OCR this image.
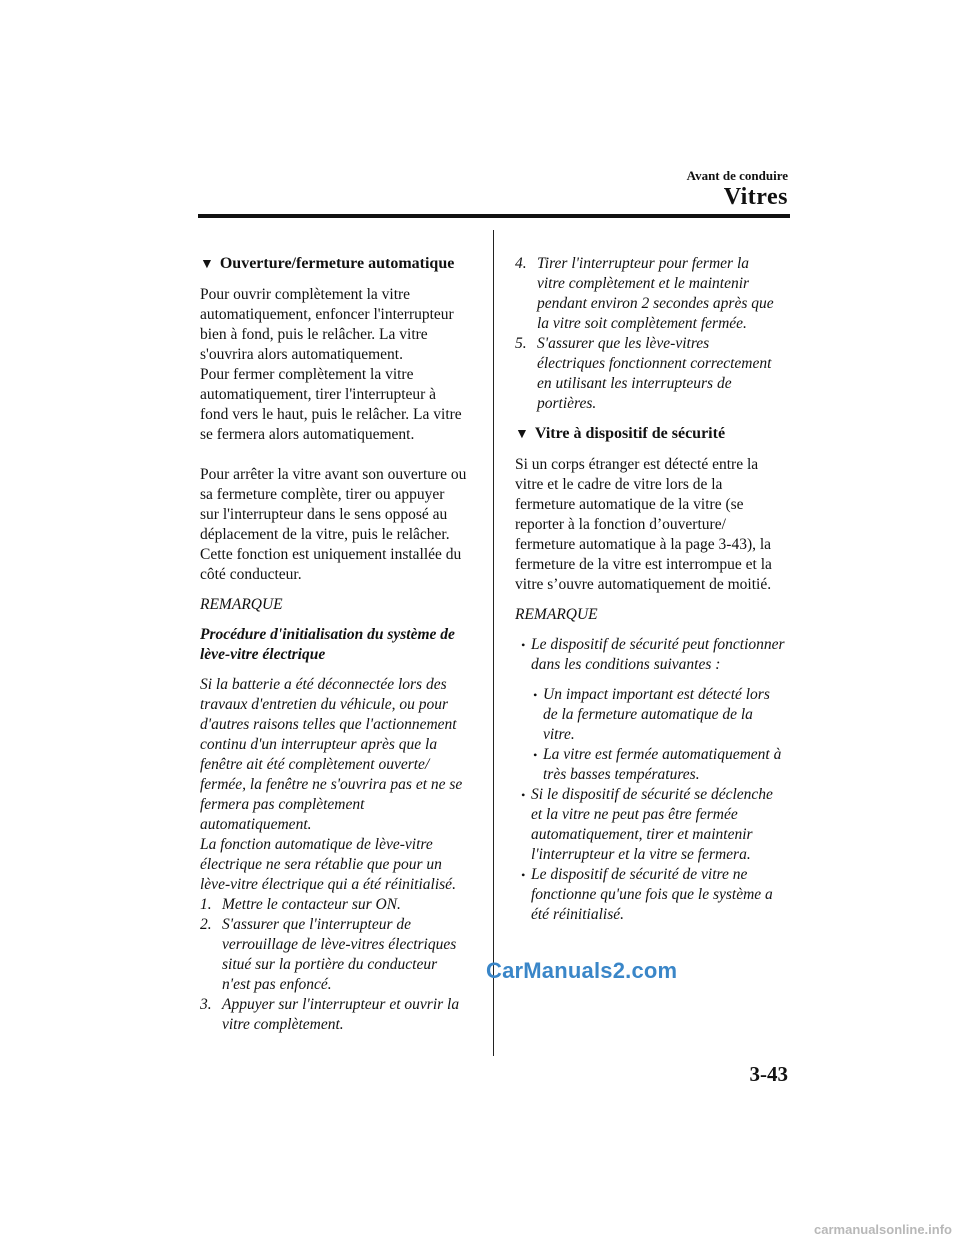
Avant de conduire
Vitres
▼ Ouverture/fermeture automatique

Pour ouvrir complètement la vitre
automatiquement, enfoncer l'interrupteur
bien à fond, puis le relâcher. La vitre
s'ouvrira alors automatiquement.
Pour fermer complètement la vitre
automatiquement, tirer l'interrupteur à
fond vers le haut, puis le relâcher. La vitre
se fermera alors automatiquement.

Pour arrêter la vitre avant son ouverture ou
sa fermeture complète, tirer ou appuyer
sur l'interrupteur dans le sens opposé au
déplacement de la vitre, puis le relâcher.
Cette fonction est uniquement installée du
côté conducteur.

REMARQUE

Procédure d'initialisation du système de
lève-vitre électrique

Si la batterie a été déconnectée lors des
travaux d'entretien du véhicule, ou pour
d'autres raisons telles que l'actionnement
continu d'un interrupteur après que la
fenêtre ait été complètement ouverte/
fermée, la fenêtre ne s'ouvrira pas et ne se
fermera pas complètement
automatiquement.
La fonction automatique de lève-vitre
électrique ne sera rétablie que pour un
lève-vitre électrique qui a été réinitialisé.

1. Mettre le contacteur sur ON.
2. S'assurer que l'interrupteur de
verrouillage de lève-vitres électriques
situé sur la portière du conducteur
n'est pas enfoncé.
3. Appuyer sur l'interrupteur et ouvrir la
vitre complètement.
4. Tirer l'interrupteur pour fermer la
vitre complètement et le maintenir
pendant environ 2 secondes après que
la vitre soit complètement fermée.
5. S'assurer que les lève-vitres
électriques fonctionnent correctement
en utilisant les interrupteurs de
portières.
▼ Vitre à dispositif de sécurité

Si un corps étranger est détecté entre la
vitre et le cadre de vitre lors de la
fermeture automatique de la vitre (se
reporter à la fonction d’ouverture/
fermeture automatique à la page 3-43), la
fermeture de la vitre est interrompue et la
vitre s’ouvre automatiquement de moitié.

REMARQUE

• Le dispositif de sécurité peut fonctionner
dans les conditions suivantes :
• Un impact important est détecté lors
de la fermeture automatique de la
vitre.
• La vitre est fermée automatiquement à
très basses températures.
• Si le dispositif de sécurité se déclenche
et la vitre ne peut pas être fermée
automatiquement, tirer et maintenir
l'interrupteur et la vitre se fermera.
• Le dispositif de sécurité de vitre ne
fonctionne qu'une fois que le système a
été réinitialisé.
CarManuals2.com
3-43
carmanualsonline.info
